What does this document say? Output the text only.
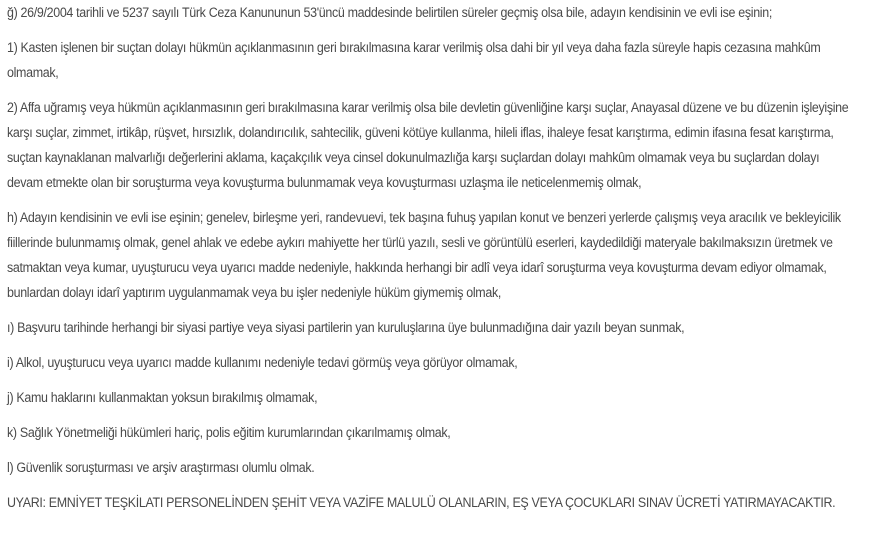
ğ) 26/9/2004 tarihli ve 5237 sayılı Türk Ceza Kanununun 53'üncü maddesinde belirtilen süreler geçmiş olsa bile, adayın kendisinin ve evli ise eşinin;

1) Kasten işlenen bir suçtan dolayı hükmün açıklanmasının geri bırakılmasına karar verilmiş olsa dahi bir yıl veya daha fazla süreyle hapis cezasına mahkûm olmamak,

2) Affa uğramış veya hükmün açıklanmasının geri bırakılmasına karar verilmiş olsa bile devletin güvenliğine karşı suçlar, Anayasal düzene ve bu düzenin işleyişine karşı suçlar, zimmet, irtikâp, rüşvet, hırsızlık, dolandırıcılık, sahtecilik, güveni kötüye kullanma, hileli iflas, ihaleye fesat karıştırma, edimin ifasına fesat karıştırma, suçtan kaynaklanan malvarlığı değerlerini aklama, kaçakçılık veya cinsel dokunulmazlığa karşı suçlardan dolayı mahkûm olmamak veya bu suçlardan dolayı devam etmekte olan bir soruşturma veya kovuşturma bulunmamak veya kovuşturması uzlaşma ile neticelenmemiş olmak,

h) Adayın kendisinin ve evli ise eşinin; genelev, birleşme yeri, randevuevi, tek başına fuhuş yapılan konut ve benzeri yerlerde çalışmış veya aracılık ve bekleyicilik fiillerinde bulunmamış olmak, genel ahlak ve edebe aykırı mahiyette her türlü yazılı, sesli ve görüntülü eserleri, kaydedildiği materyale bakılmaksızın üretmek ve satmaktan veya kumar, uyuşturucu veya uyarıcı madde nedeniyle, hakkında herhangi bir adlî veya idarî soruşturma veya kovuşturma devam ediyor olmamak, bunlardan dolayı idarî yaptırım uygulanmamak veya bu işler nedeniyle hüküm giymemiş olmak,

ı) Başvuru tarihinde herhangi bir siyasi partiye veya siyasi partilerin yan kuruluşlarına üye bulunmadığına dair yazılı beyan sunmak,

i) Alkol, uyuşturucu veya uyarıcı madde kullanımı nedeniyle tedavi görmüş veya görüyor olmamak,

j) Kamu haklarını kullanmaktan yoksun bırakılmış olmamak,

k) Sağlık Yönetmeliği hükümleri hariç, polis eğitim kurumlarından çıkarılmamış olmak,

l) Güvenlik soruşturması ve arşiv araştırması olumlu olmak.

UYARI: EMNİYET TEŞKİLATI PERSONELİNDEN ŞEHİT VEYA VAZİFE MALULÜ OLANLARIN, EŞ VEYA ÇOCUKLARI SINAV ÜCRETİ YATIRMAYACAKTIR.
